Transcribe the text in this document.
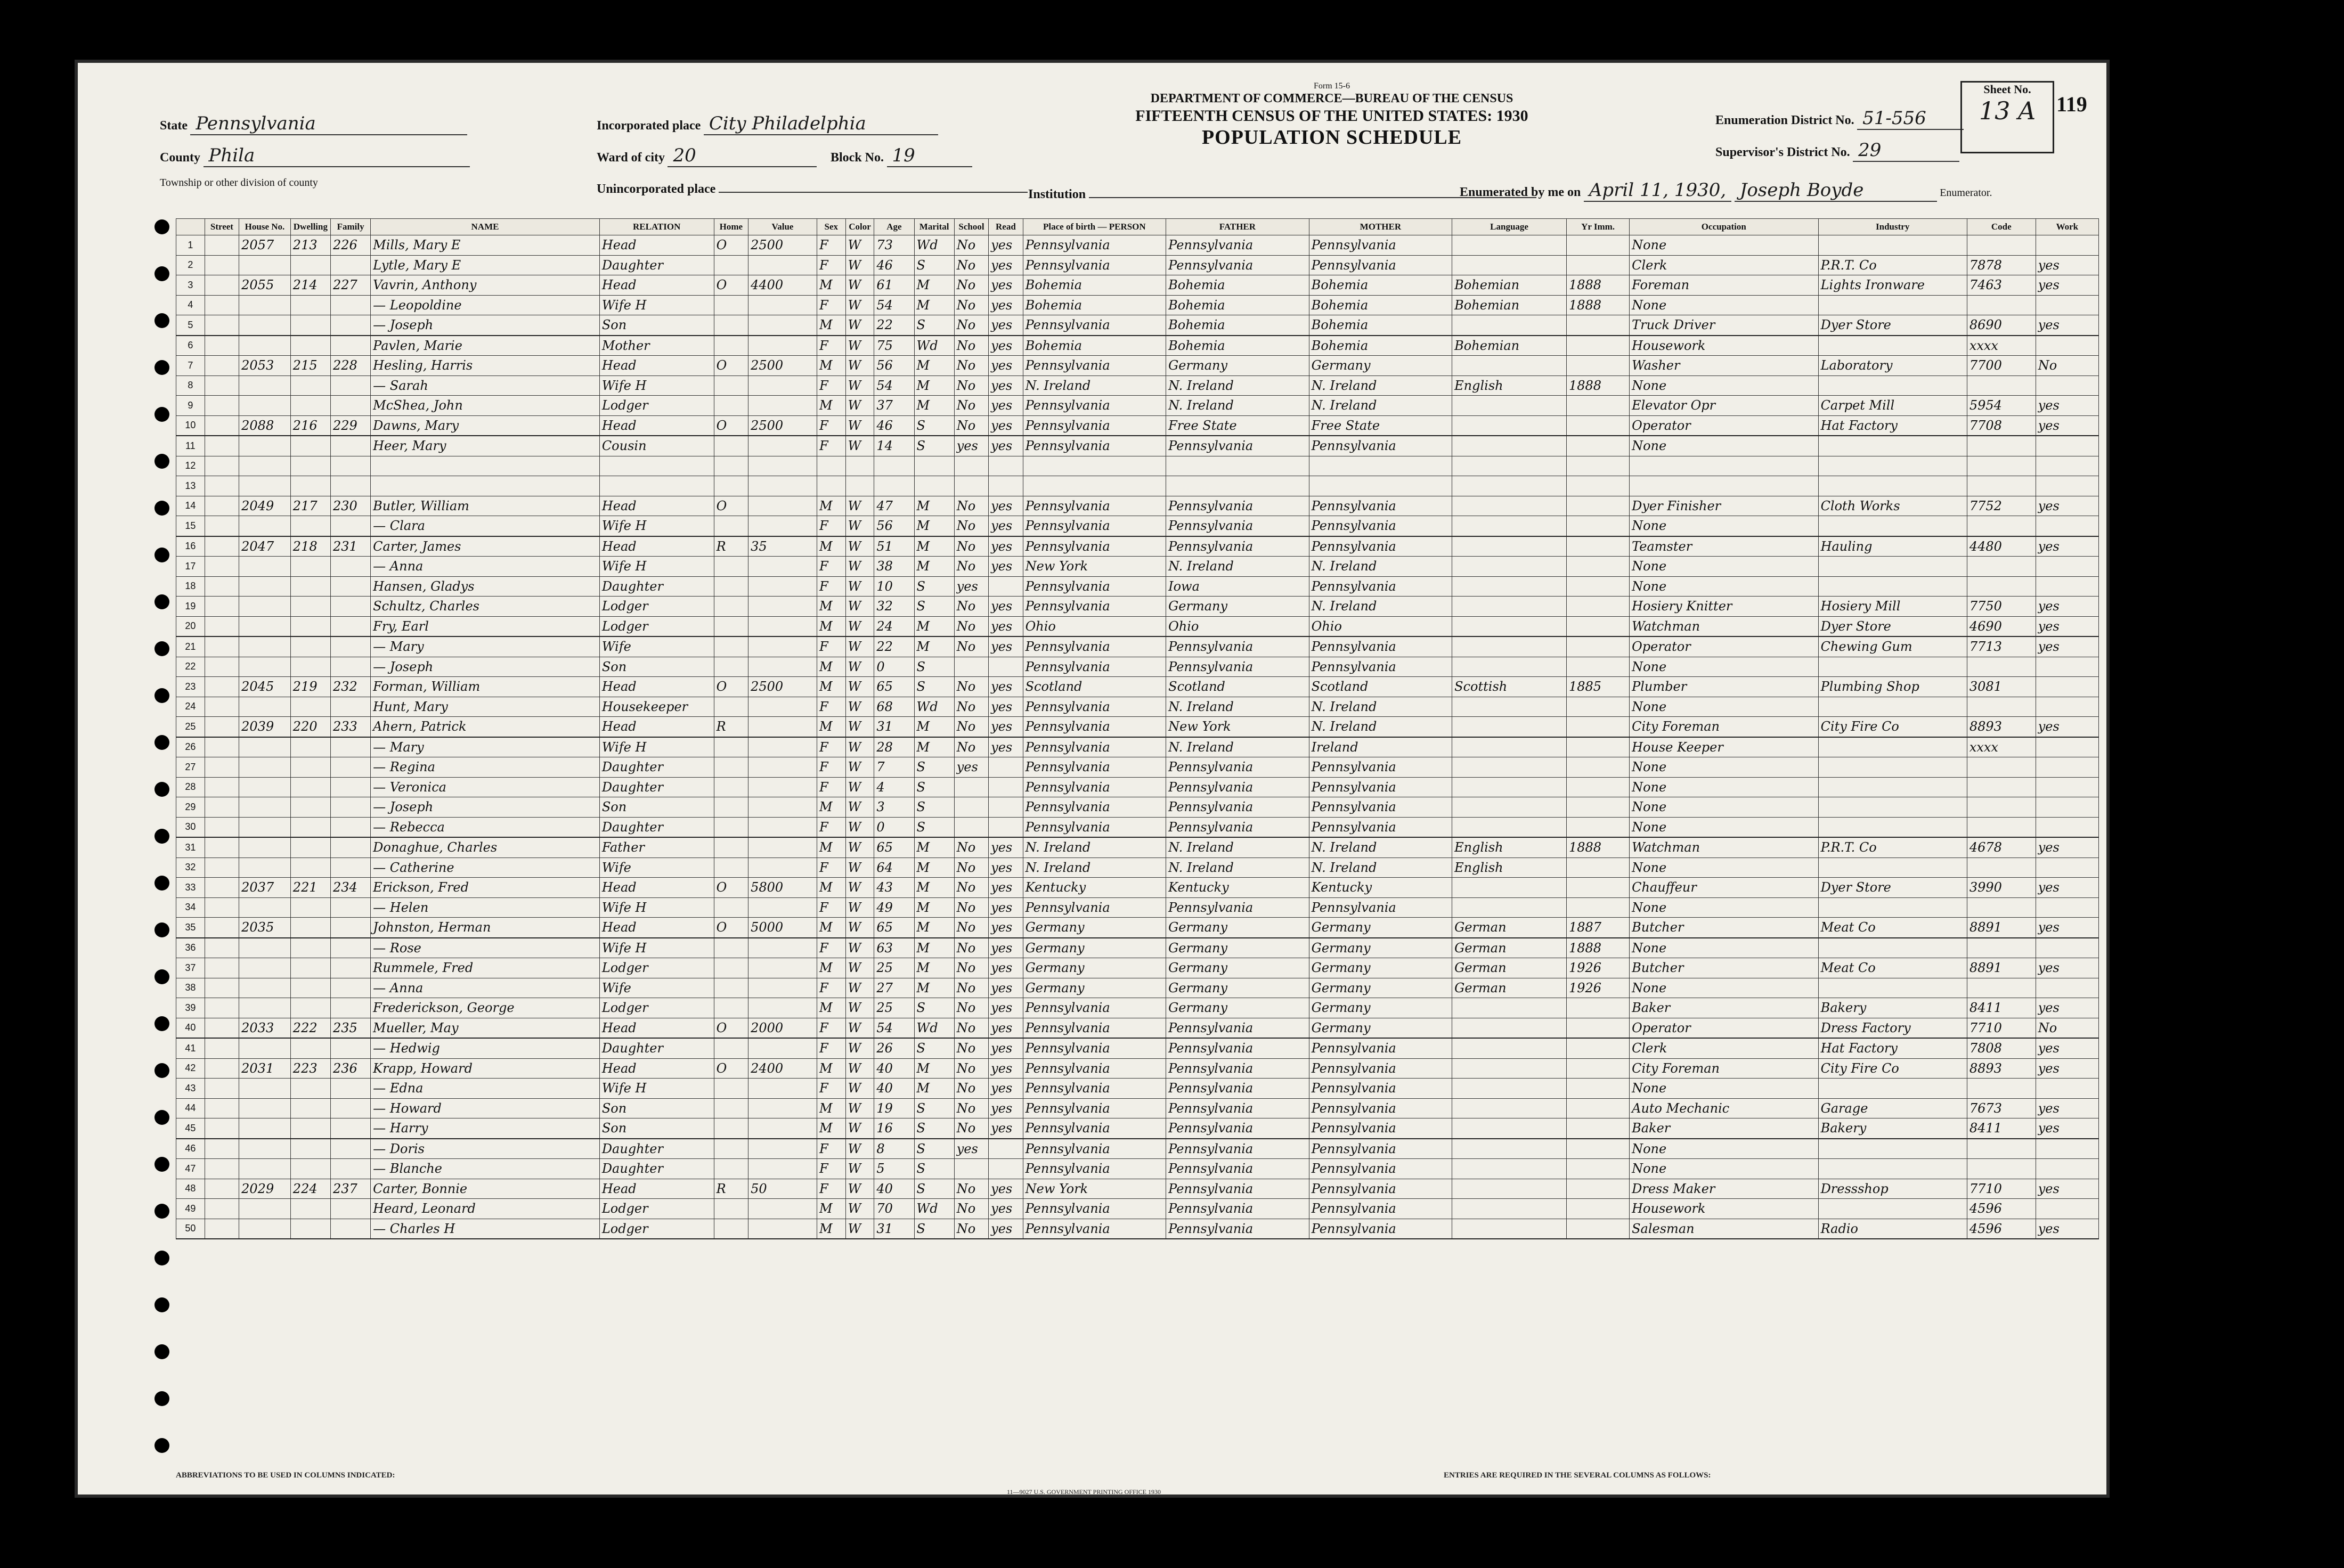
State Pennsylvania
County Phila
Township or other division of county
Incorporated place City Philadelphia
Ward of city 20	Block No. 19
Unincorporated place
Form 15-6
DEPARTMENT OF COMMERCE—BUREAU OF THE CENSUS
FIFTEENTH CENSUS OF THE UNITED STATES: 1930
POPULATION SCHEDULE
Institution
Enumeration District No. 51-556
Supervisor's District No. 29
Enumerated by me on April 11, 1930, Joseph Boyde	Enumerator.
Sheet No.
13 A 119
	Street	House No.	Dwelling	Family	NAME	RELATION	Home	Value	Sex	Color	Age	Marital	School	Read	Place of birth — PERSON	FATHER	MOTHER	Language	Yr Imm.	Occupation	Industry	Code	Work
1		2057	213	226	Mills, Mary E	Head	O	2500	F	W	73	Wd	No	yes	Pennsylvania	Pennsylvania	Pennsylvania			None			
2					Lytle, Mary E	Daughter			F	W	46	S	No	yes	Pennsylvania	Pennsylvania	Pennsylvania			Clerk	P.R.T. Co	7878	yes
3		2055	214	227	Vavrin, Anthony	Head	O	4400	M	W	61	M	No	yes	Bohemia	Bohemia	Bohemia	Bohemian	1888	Foreman	Lights Ironware	7463	yes
4					— Leopoldine	Wife H			F	W	54	M	No	yes	Bohemia	Bohemia	Bohemia	Bohemian	1888	None			
5					— Joseph	Son			M	W	22	S	No	yes	Pennsylvania	Bohemia	Bohemia			Truck Driver	Dyer Store	8690	yes
6					Pavlen, Marie	Mother			F	W	75	Wd	No	yes	Bohemia	Bohemia	Bohemia	Bohemian		Housework		xxxx	
7		2053	215	228	Hesling, Harris	Head	O	2500	M	W	56	M	No	yes	Pennsylvania	Germany	Germany			Washer	Laboratory	7700	No
8					— Sarah	Wife H			F	W	54	M	No	yes	N. Ireland	N. Ireland	N. Ireland	English	1888	None			
9					McShea, John	Lodger			M	W	37	M	No	yes	Pennsylvania	N. Ireland	N. Ireland			Elevator Opr	Carpet Mill	5954	yes
10		2088	216	229	Dawns, Mary	Head	O	2500	F	W	46	S	No	yes	Pennsylvania	Free State	Free State			Operator	Hat Factory	7708	yes
11					Heer, Mary	Cousin			F	W	14	S	yes	yes	Pennsylvania	Pennsylvania	Pennsylvania			None			
12																							
13																							
14		2049	217	230	Butler, William	Head	O		M	W	47	M	No	yes	Pennsylvania	Pennsylvania	Pennsylvania			Dyer Finisher	Cloth Works	7752	yes
15					— Clara	Wife H			F	W	56	M	No	yes	Pennsylvania	Pennsylvania	Pennsylvania			None			
16		2047	218	231	Carter, James	Head	R	35	M	W	51	M	No	yes	Pennsylvania	Pennsylvania	Pennsylvania			Teamster	Hauling	4480	yes
17					— Anna	Wife H			F	W	38	M	No	yes	New York	N. Ireland	N. Ireland			None			
18					Hansen, Gladys	Daughter			F	W	10	S	yes		Pennsylvania	Iowa	Pennsylvania			None			
19					Schultz, Charles	Lodger			M	W	32	S	No	yes	Pennsylvania	Germany	N. Ireland			Hosiery Knitter	Hosiery Mill	7750	yes
20					Fry, Earl	Lodger			M	W	24	M	No	yes	Ohio	Ohio	Ohio			Watchman	Dyer Store	4690	yes
21					— Mary	Wife			F	W	22	M	No	yes	Pennsylvania	Pennsylvania	Pennsylvania			Operator	Chewing Gum	7713	yes
22					— Joseph	Son			M	W	0	S			Pennsylvania	Pennsylvania	Pennsylvania			None			
23		2045	219	232	Forman, William	Head	O	2500	M	W	65	S	No	yes	Scotland	Scotland	Scotland	Scottish	1885	Plumber	Plumbing Shop	3081	
24					Hunt, Mary	Housekeeper			F	W	68	Wd	No	yes	Pennsylvania	N. Ireland	N. Ireland			None			
25		2039	220	233	Ahern, Patrick	Head	R		M	W	31	M	No	yes	Pennsylvania	New York	N. Ireland			City Foreman	City Fire Co	8893	yes
26					— Mary	Wife H			F	W	28	M	No	yes	Pennsylvania	N. Ireland	Ireland			House Keeper		xxxx	
27					— Regina	Daughter			F	W	7	S	yes		Pennsylvania	Pennsylvania	Pennsylvania			None			
28					— Veronica	Daughter			F	W	4	S			Pennsylvania	Pennsylvania	Pennsylvania			None			
29					— Joseph	Son			M	W	3	S			Pennsylvania	Pennsylvania	Pennsylvania			None			
30					— Rebecca	Daughter			F	W	0	S			Pennsylvania	Pennsylvania	Pennsylvania			None			
31					Donaghue, Charles	Father			M	W	65	M	No	yes	N. Ireland	N. Ireland	N. Ireland	English	1888	Watchman	P.R.T. Co	4678	yes
32					— Catherine	Wife			F	W	64	M	No	yes	N. Ireland	N. Ireland	N. Ireland	English		None			
33		2037	221	234	Erickson, Fred	Head	O	5800	M	W	43	M	No	yes	Kentucky	Kentucky	Kentucky			Chauffeur	Dyer Store	3990	yes
34					— Helen	Wife H			F	W	49	M	No	yes	Pennsylvania	Pennsylvania	Pennsylvania			None			
35		2035			Johnston, Herman	Head	O	5000	M	W	65	M	No	yes	Germany	Germany	Germany	German	1887	Butcher	Meat Co	8891	yes
36					— Rose	Wife H			F	W	63	M	No	yes	Germany	Germany	Germany	German	1888	None			
37					Rummele, Fred	Lodger			M	W	25	M	No	yes	Germany	Germany	Germany	German	1926	Butcher	Meat Co	8891	yes
38					— Anna	Wife			F	W	27	M	No	yes	Germany	Germany	Germany	German	1926	None			
39					Frederickson, George	Lodger			M	W	25	S	No	yes	Pennsylvania	Germany	Germany			Baker	Bakery	8411	yes
40		2033	222	235	Mueller, May	Head	O	2000	F	W	54	Wd	No	yes	Pennsylvania	Pennsylvania	Germany			Operator	Dress Factory	7710	No
41					— Hedwig	Daughter			F	W	26	S	No	yes	Pennsylvania	Pennsylvania	Pennsylvania			Clerk	Hat Factory	7808	yes
42		2031	223	236	Krapp, Howard	Head	O	2400	M	W	40	M	No	yes	Pennsylvania	Pennsylvania	Pennsylvania			City Foreman	City Fire Co	8893	yes
43					— Edna	Wife H			F	W	40	M	No	yes	Pennsylvania	Pennsylvania	Pennsylvania			None			
44					— Howard	Son			M	W	19	S	No	yes	Pennsylvania	Pennsylvania	Pennsylvania			Auto Mechanic	Garage	7673	yes
45					— Harry	Son			M	W	16	S	No	yes	Pennsylvania	Pennsylvania	Pennsylvania			Baker	Bakery	8411	yes
46					— Doris	Daughter			F	W	8	S	yes		Pennsylvania	Pennsylvania	Pennsylvania			None			
47					— Blanche	Daughter			F	W	5	S			Pennsylvania	Pennsylvania	Pennsylvania			None			
48		2029	224	237	Carter, Bonnie	Head	R	50	F	W	40	S	No	yes	New York	Pennsylvania	Pennsylvania			Dress Maker	Dressshop	7710	yes
49					Heard, Leonard	Lodger			M	W	70	Wd	No	yes	Pennsylvania	Pennsylvania	Pennsylvania			Housework		4596	
50					— Charles H	Lodger			M	W	31	S	No	yes	Pennsylvania	Pennsylvania	Pennsylvania			Salesman	Radio	4596	yes
ABBREVIATIONS TO BE USED IN COLUMNS INDICATED:	ENTRIES ARE REQUIRED IN THE SEVERAL COLUMNS AS FOLLOWS:
11—9027 U.S. GOVERNMENT PRINTING OFFICE 1930
